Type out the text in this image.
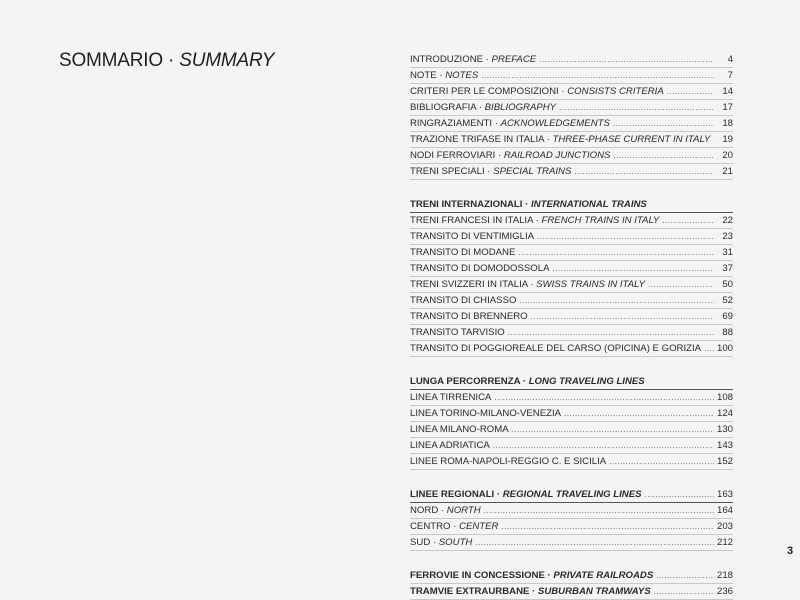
SOMMARIO · SUMMARY	INTRODUZIONE · PREFACE .....	4
NOTE · NOTES .....	7
CRITERI PER LE COMPOSIZIONI · CONSISTS CRITERIA .....	14
BIBLIOGRAFIA · BIBLIOGRAPHY .....	17
RINGRAZIAMENTI · ACKNOWLEDGEMENTS .....	18
TRAZIONE TRIFASE IN ITALIA · THREE-PHASE CURRENT IN ITALY .....	19
NODI FERROVIARI · RAILROAD JUNCTIONS .....	20
TRENI SPECIALI · SPECIAL TRAINS .....	21
TRENI INTERNAZIONALI · INTERNATIONAL TRAINS
TRENI FRANCESI IN ITALIA · FRENCH TRAINS IN ITALY .....	22
TRANSITO DI VENTIMIGLIA .....	23
TRANSITO DI MODANE .....	31
TRANSITO DI DOMODOSSOLA .....	37
TRENI SVIZZERI IN ITALIA · SWISS TRAINS IN ITALY .....	50
TRANSITO DI CHIASSO .....	52
TRANSITO DI BRENNERO .....	69
TRANSITO TARVISIO .....	88
TRANSITO DI POGGIOREALE DEL CARSO (OPICINA) E GORIZIA ..... 100
LUNGA PERCORRENZA · LONG TRAVELING LINES
LINEA TIRRENICA .....	108
LINEA TORINO-MILANO-VENEZIA .....	124
LINEA MILANO-ROMA .....	130
LINEA ADRIATICA .....	143
LINEE ROMA-NAPOLI-REGGIO C. E SICILIA .....	152
LINEE REGIONALI · REGIONAL TRAVELING LINES .....	163
NORD · NORTH .....	164
CENTRO · CENTER .....	203
SUD · SOUTH .....	212
FERROVIE IN CONCESSIONE · PRIVATE RAILROADS .....	218
TRAMVIE EXTRAURBANE · SUBURBAN TRAMWAYS .....	236
3
